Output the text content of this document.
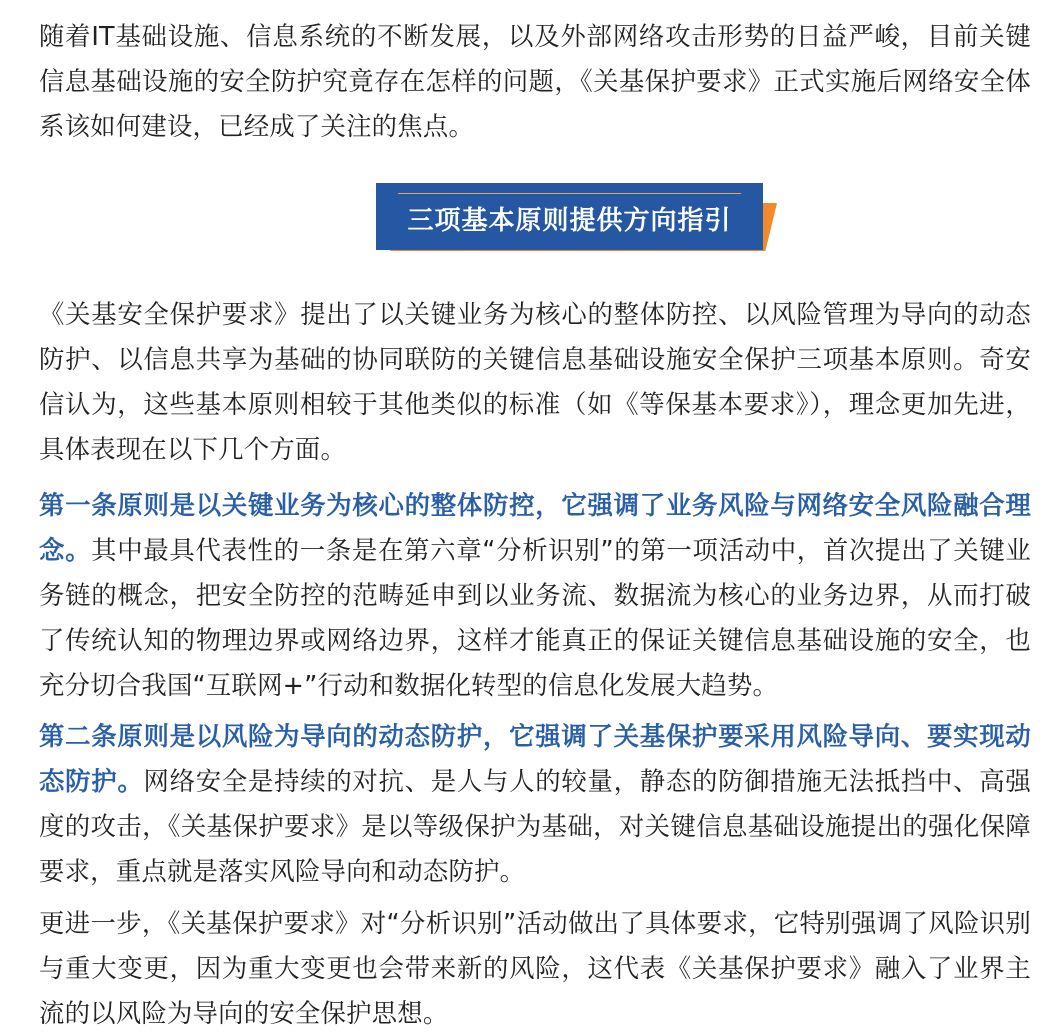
随着IT基础设施、信息系统的不断发展，以及外部网络攻击形势的日益严峻，目前关键信息基础设施的安全防护究竟存在怎样的问题，《关基保护要求》正式实施后网络安全体系该如何建设，已经成了关注的焦点。

三项基本原则提供方向指引

《关基安全保护要求》提出了以关键业务为核心的整体防控、以风险管理为导向的动态防护、以信息共享为基础的协同联防的关键信息基础设施安全保护三项基本原则。奇安信认为，这些基本原则相较于其他类似的标准（如《等保基本要求》），理念更加先进，具体表现在以下几个方面。

第一条原则是以关键业务为核心的整体防控，它强调了业务风险与网络安全风险融合理念。其中最具代表性的一条是在第六章“分析识别”的第一项活动中，首次提出了关键业务链的概念，把安全防控的范畴延申到以业务流、数据流为核心的业务边界，从而打破了传统认知的物理边界或网络边界，这样才能真正的保证关键信息基础设施的安全，也充分切合我国“互联网+”行动和数据化转型的信息化发展大趋势。

第二条原则是以风险为导向的动态防护，它强调了关基保护要采用风险导向、要实现动态防护。网络安全是持续的对抗、是人与人的较量，静态的防御措施无法抵挡中、高强度的攻击，《关基保护要求》是以等级保护为基础，对关键信息基础设施提出的强化保障要求，重点就是落实风险导向和动态防护。

更进一步，《关基保护要求》对“分析识别”活动做出了具体要求，它特别强调了风险识别与重大变更，因为重大变更也会带来新的风险，这代表《关基保护要求》融入了业界主流的以风险为导向的安全保护思想。
